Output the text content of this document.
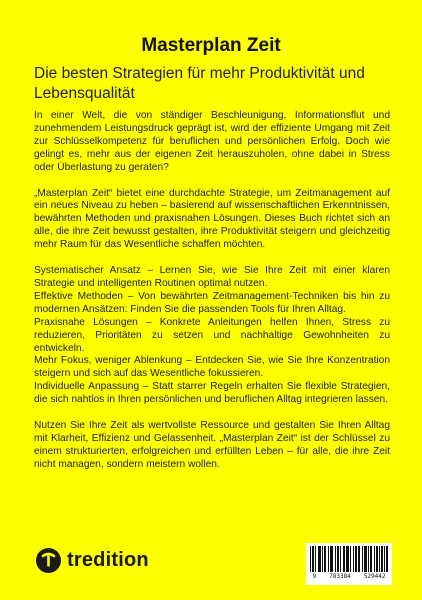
Masterplan Zeit
Die besten Strategien für mehr Produktivität und Lebensqualität

In einer Welt, die von ständiger Beschleunigung, Informationsflut und zunehmendem Leistungsdruck geprägt ist, wird der effiziente Umgang mit Zeit zur Schlüsselkompetenz für beruflichen und persönlichen Erfolg. Doch wie gelingt es, mehr aus der eigenen Zeit herauszuholen, ohne dabei in Stress oder Überlastung zu geraten?

„Masterplan Zeit“ bietet eine durchdachte Strategie, um Zeitmanagement auf ein neues Niveau zu heben – basierend auf wissenschaftlichen Erkenntnissen, bewährten Methoden und praxisnahen Lösungen. Dieses Buch richtet sich an alle, die ihre Zeit bewusst gestalten, ihre Produktivität steigern und gleichzeitig mehr Raum für das Wesentliche schaffen möchten.

Systematischer Ansatz – Lernen Sie, wie Sie Ihre Zeit mit einer klaren Strategie und intelligenten Routinen optimal nutzen.
Effektive Methoden – Von bewährten Zeitmanagement-Techniken bis hin zu modernen Ansätzen: Finden Sie die passenden Tools für Ihren Alltag.
Praxisnahe Lösungen – Konkrete Anleitungen helfen Ihnen, Stress zu reduzieren, Prioritäten zu setzen und nachhaltige Gewohnheiten zu entwickeln.
Mehr Fokus, weniger Ablenkung – Entdecken Sie, wie Sie Ihre Konzentration steigern und sich auf das Wesentliche fokussieren.
Individuelle Anpassung – Statt starrer Regeln erhalten Sie flexible Strategien, die sich nahtlos in Ihren persönlichen und beruflichen Alltag integrieren lassen.

Nutzen Sie Ihre Zeit als wertvollste Ressource und gestalten Sie Ihren Alltag mit Klarheit, Effizienz und Gelassenheit. „Masterplan Zeit“ ist der Schlüssel zu einem strukturierten, erfolgreichen und erfüllten Leben – für alle, die ihre Zeit nicht managen, sondern meistern wollen.

tredition
9 783384 529442
